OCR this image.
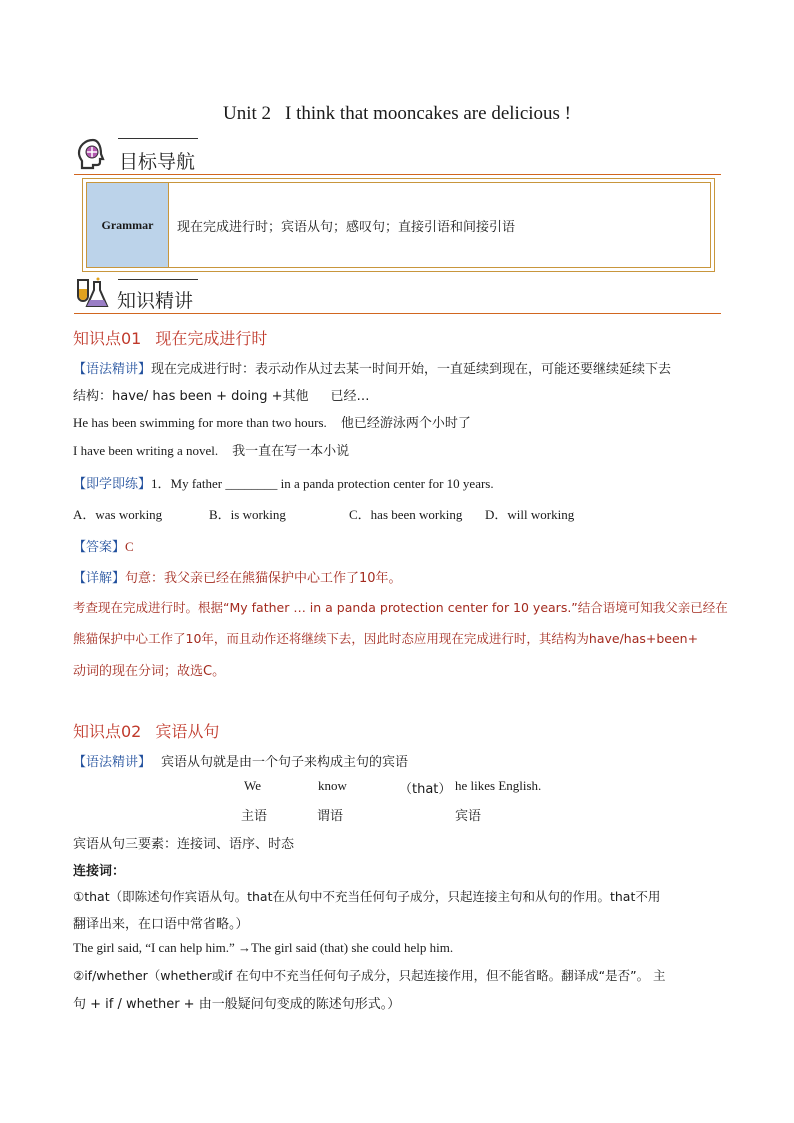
Unit 2 I think that mooncakes are delicious !
目标导航
Grammar	现在完成进行时；宾语从句；感叹句；直接引语和间接引语
知识精讲
知识点01 现在完成进行时
【语法精讲】现在完成进行时：表示动作从过去某一时间开始，一直延续到现在，可能还要继续延续下去
结构：have/ has been + doing +其他 已经…
He has been swimming for more than two hours. 他已经游泳两个小时了
I have been writing a novel. 我一直在写一本小说
【即学即练】1．My father ________ in a panda protection center for 10 years.
A．was working	B．is working	C．has been working D．will working
【答案】C
【详解】句意：我父亲已经在熊猫保护中心工作了10年。
考查现在完成进行时。根据“My father … in a panda protection center for 10 years.”结合语境可知我父亲已经在
熊猫保护中心工作了10年，而且动作还将继续下去，因此时态应用现在完成进行时，其结构为have/has+been+
动词的现在分词；故选C。
知识点02 宾语从句
【语法精讲】 宾语从句就是由一个句子来构成主句的宾语
We	know	（that） he likes English.
主语	谓语	宾语
宾语从句三要素：连接词、语序、时态
连接词：
①that（即陈述句作宾语从句。that在从句中不充当任何句子成分，只起连接主句和从句的作用。that不用
翻译出来，在口语中常省略。）
The girl said, “I can help him.” →The girl said (that) she could help him.
②if/whether（whether或if 在句中不充当任何句子成分，只起连接作用，但不能省略。翻译成“是否”。 主
句 + if / whether + 由一般疑问句变成的陈述句形式。）
